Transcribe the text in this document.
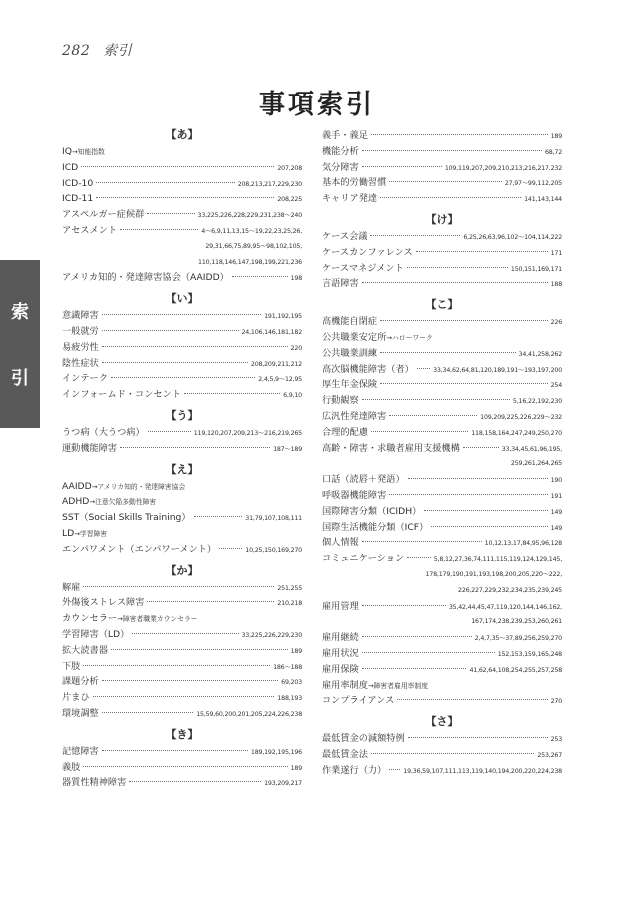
282 索引
索
引
事項索引
【あ】
IQ→知能指数
ICD	207,208
ICD-10	208,213,217,229,230
ICD-11	208,225
アスペルガー症候群	33,225,226,228,229,231,238～240
アセスメント	4～6,9,11,13,15～19,22,23,25,26,
29,31,66,75,89,95～98,102,105,
110,118,146,147,198,199,221,236
アメリカ知的・発達障害協会（AAIDD）	198
【い】
意識障害	191,192,195
一般就労	24,106,146,181,182
易疲労性	220
陰性症状	208,209,211,212
インテーク	2,4,5,9～12,95
インフォームド・コンセント	6,9,10
【う】
うつ病（大うつ病）	119,120,207,209,213～216,219,265
運動機能障害	187～189
【え】
AAIDD→アメリカ知的・発達障害協会
ADHD→注意欠陥多動性障害
SST（Social Skills Training）	31,79,107,108,111
LD→学習障害
エンパワメント（エンパワーメント）	10,25,150,169,270
【か】
解雇	251,255
外傷後ストレス障害	210,218
カウンセラー→障害者職業カウンセラー
学習障害（LD）	33,225,226,229,230
拡大読書器	189
下肢	186～188
課題分析	69,203
片まひ	188,193
環境調整	15,59,60,200,201,205,224,226,238
【き】
記憶障害	189,192,195,196
義肢	189
器質性精神障害	193,209,217
義手・義足	189
機能分析	68,72
気分障害	109,119,207,209,210,213,216,217,232
基本的労働習慣	27,97～99,112,205
キャリア発達	141,143,144
【け】
ケース会議	6,25,26,63,96,102～104,114,222
ケースカンファレンス	171
ケースマネジメント	150,151,169,171
言語障害	188
【こ】
高機能自閉症	226
公共職業安定所→ハローワーク
公共職業訓練	34,41,258,262
高次脳機能障害（者）	33,34,62,64,81,120,189,191～193,197,200
厚生年金保険	254
行動観察	5,16,22,192,230
広汎性発達障害	109,209,225,226,229～232
合理的配慮	118,158,164,247,249,250,270
高齢・障害・求職者雇用支援機構	33,34,45,61,96,195,
259,261,264,265
口話（読唇＋発語）	190
呼吸器機能障害	191
国際障害分類（ICIDH）	149
国際生活機能分類（ICF）	149
個人情報	10,12,13,17,84,95,96,128
コミュニケーション	5,8,12,27,36,74,111,115,119,124,129,145,
178,179,190,191,193,198,200,205,220～222,
226,227,229,232,234,235,239,245
雇用管理	35,42,44,45,47,119,120,144,146,162,
167,174,238,239,253,260,261
雇用継続	2,4,7,35～37,89,256,259,270
雇用状況	152,153,159,165,248
雇用保険	41,62,64,108,254,255,257,258
雇用率制度→障害者雇用率制度
コンプライアンス	270
【さ】
最低賃金の減額特例	253
最低賃金法	253,267
作業遂行（力）	19,36,59,107,111,113,119,140,194,200,220,224,238
